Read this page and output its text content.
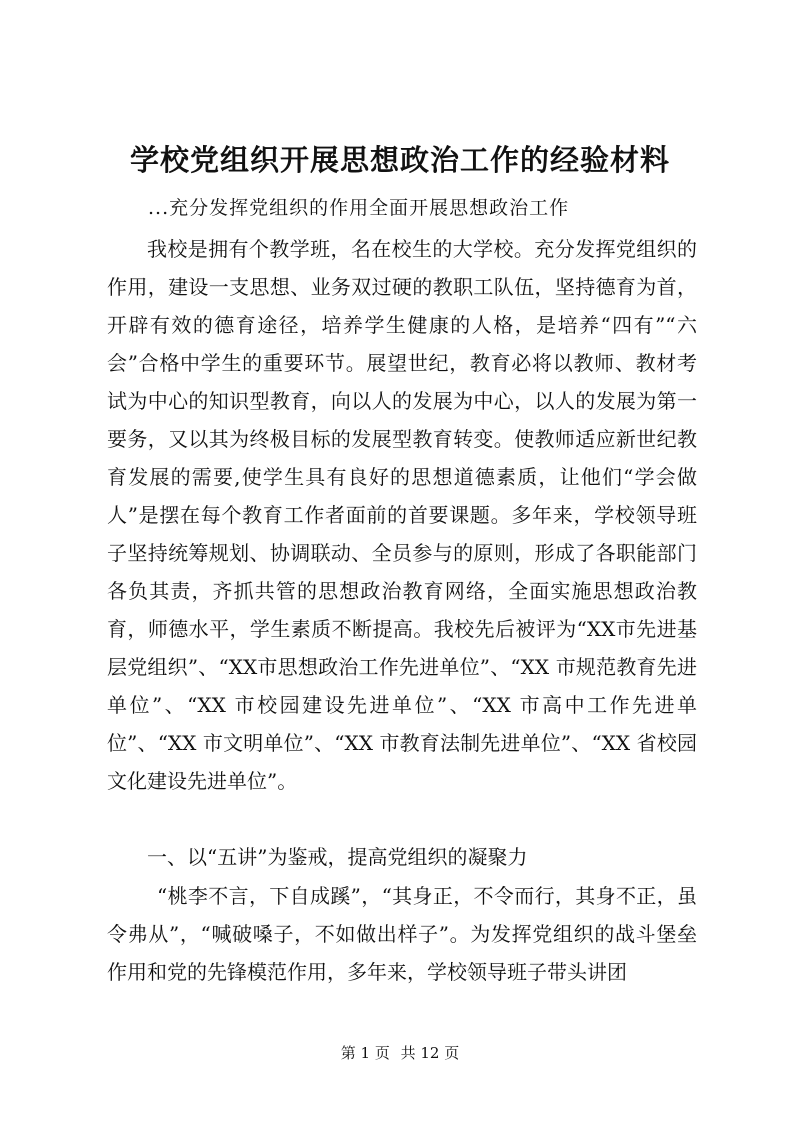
学校党组织开展思想政治工作的经验材料
...充分发挥党组织的作用全面开展思想政治工作
我校是拥有个教学班，名在校生的大学校。充分发挥党组织的作用，建设一支思想、业务双过硬的教职工队伍，坚持德育为首，开辟有效的德育途径，培养学生健康的人格，是培养“四有”“六会”合格中学生的重要环节。展望世纪，教育必将以教师、教材考试为中心的知识型教育，向以人的发展为中心，以人的发展为第一要务，又以其为终极目标的发展型教育转变。使教师适应新世纪教育发展的需要,使学生具有良好的思想道德素质，让他们“学会做人”是摆在每个教育工作者面前的首要课题。多年来，学校领导班子坚持统筹规划、协调联动、全员参与的原则，形成了各职能部门各负其责，齐抓共管的思想政治教育网络，全面实施思想政治教育，师德水平，学生素质不断提高。我校先后被评为“XX市先进基层党组织”、“XX市思想政治工作先进单位”、“XX 市规范教育先进单位”、“XX 市校园建设先进单位”、“XX 市高中工作先进单位”、“XX 市文明单位”、“XX 市教育法制先进单位”、“XX 省校园文化建设先进单位”。
一、以“五讲”为鉴戒，提高党组织的凝聚力
“桃李不言，下自成蹊”，“其身正，不令而行，其身不正，虽令弗从”，“喊破嗓子，不如做出样子”。为发挥党组织的战斗堡垒作用和党的先锋模范作用，多年来，学校领导班子带头讲团
第 1 页 共 12 页
